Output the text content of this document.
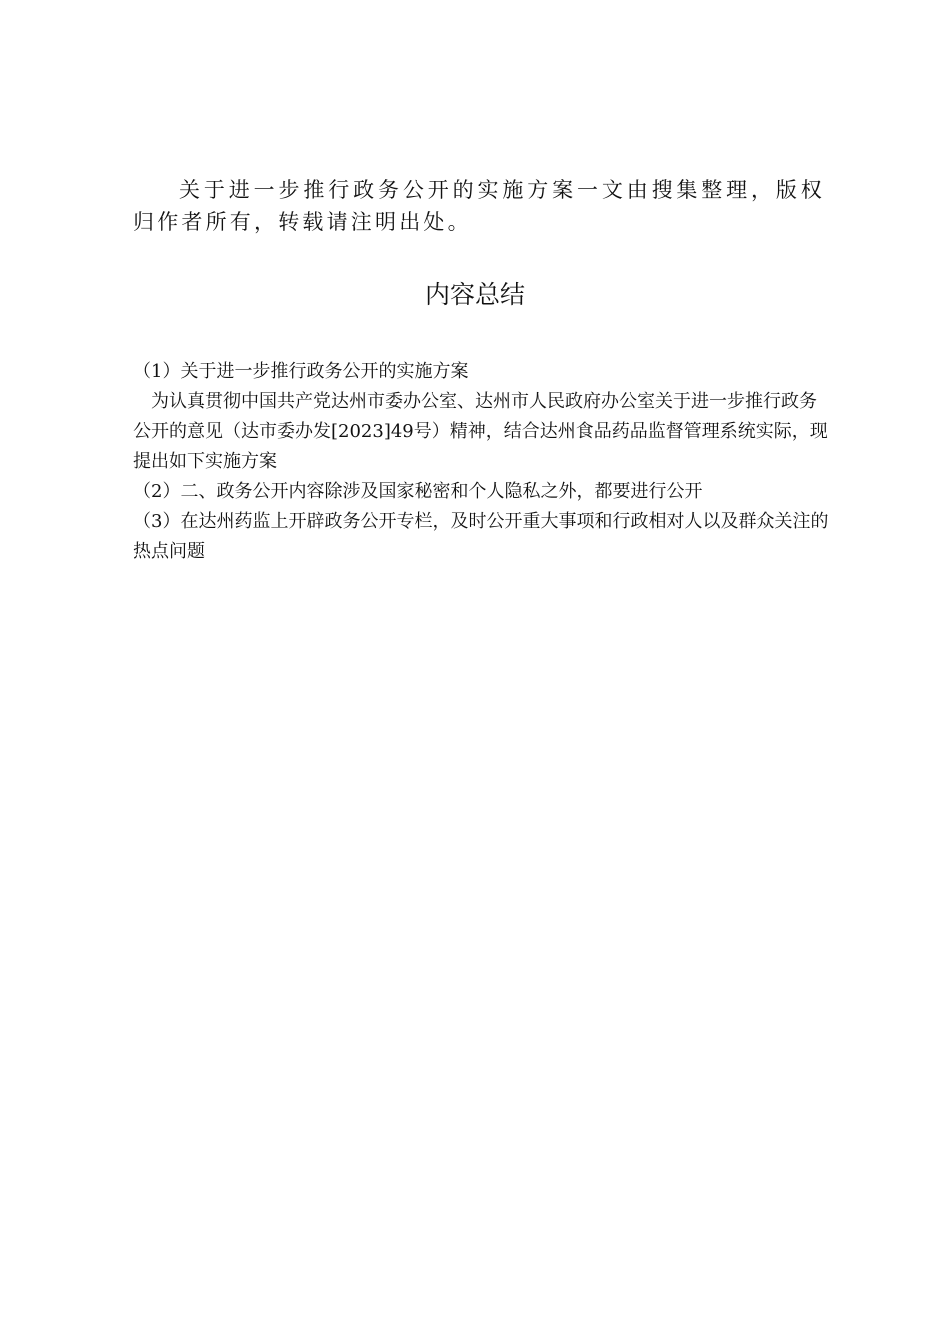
关于进一步推行政务公开的实施方案一文由搜集整理，版权归作者所有，转载请注明出处。

内容总结

（1）关于进一步推行政务公开的实施方案

为认真贯彻中国共产党达州市委办公室、达州市人民政府办公室关于进一步推行政务公开的意见（达市委办发[2023]49号）精神，结合达州食品药品监督管理系统实际，现提出如下实施方案

（2）二、政务公开内容除涉及国家秘密和个人隐私之外，都要进行公开

（3）在达州药监上开辟政务公开专栏，及时公开重大事项和行政相对人以及群众关注的热点问题
